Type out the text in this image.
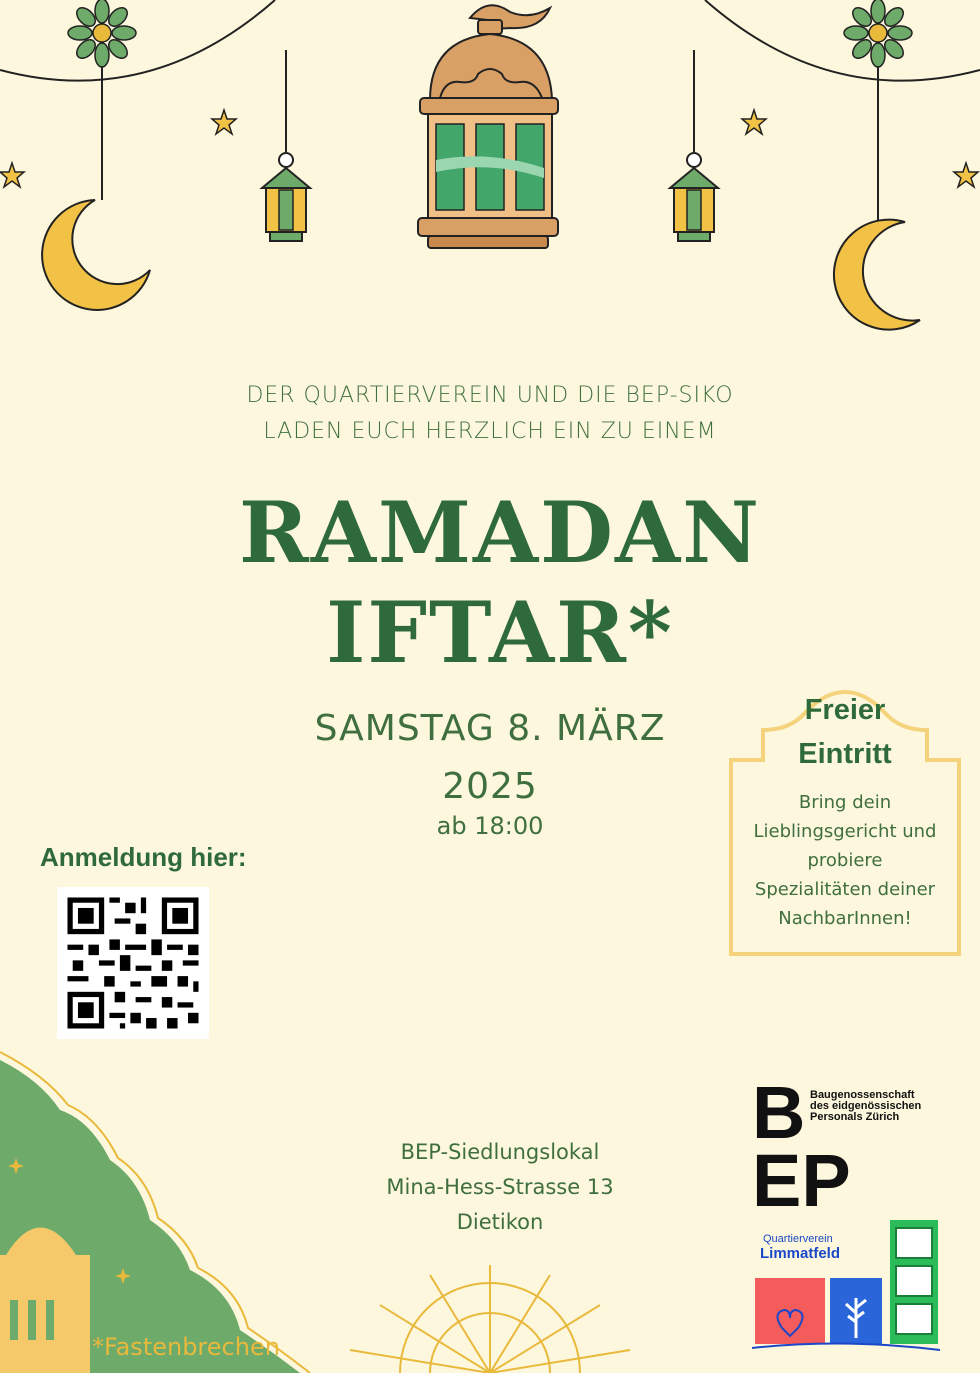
DER QUARTIERVEREIN UND DIE BEP-SIKO
LADEN EUCH HERZLICH EIN ZU EINEM
RAMADAN
IFTAR*
SAMSTAG 8. MÄRZ
2025
ab 18:00
Freier
Eintritt
Bring dein
Lieblingsgericht und
probiere
Spezialitäten deiner
NachbarInnen!
Anmeldung hier:
BEP-Siedlungslokal
Mina-Hess-Strasse 13
Dietikon
*Fastenbrechen
B
EP
Baugenossenschaft
des eidgenössischen
Personals Zürich
Quartierverein
Limmatfeld
